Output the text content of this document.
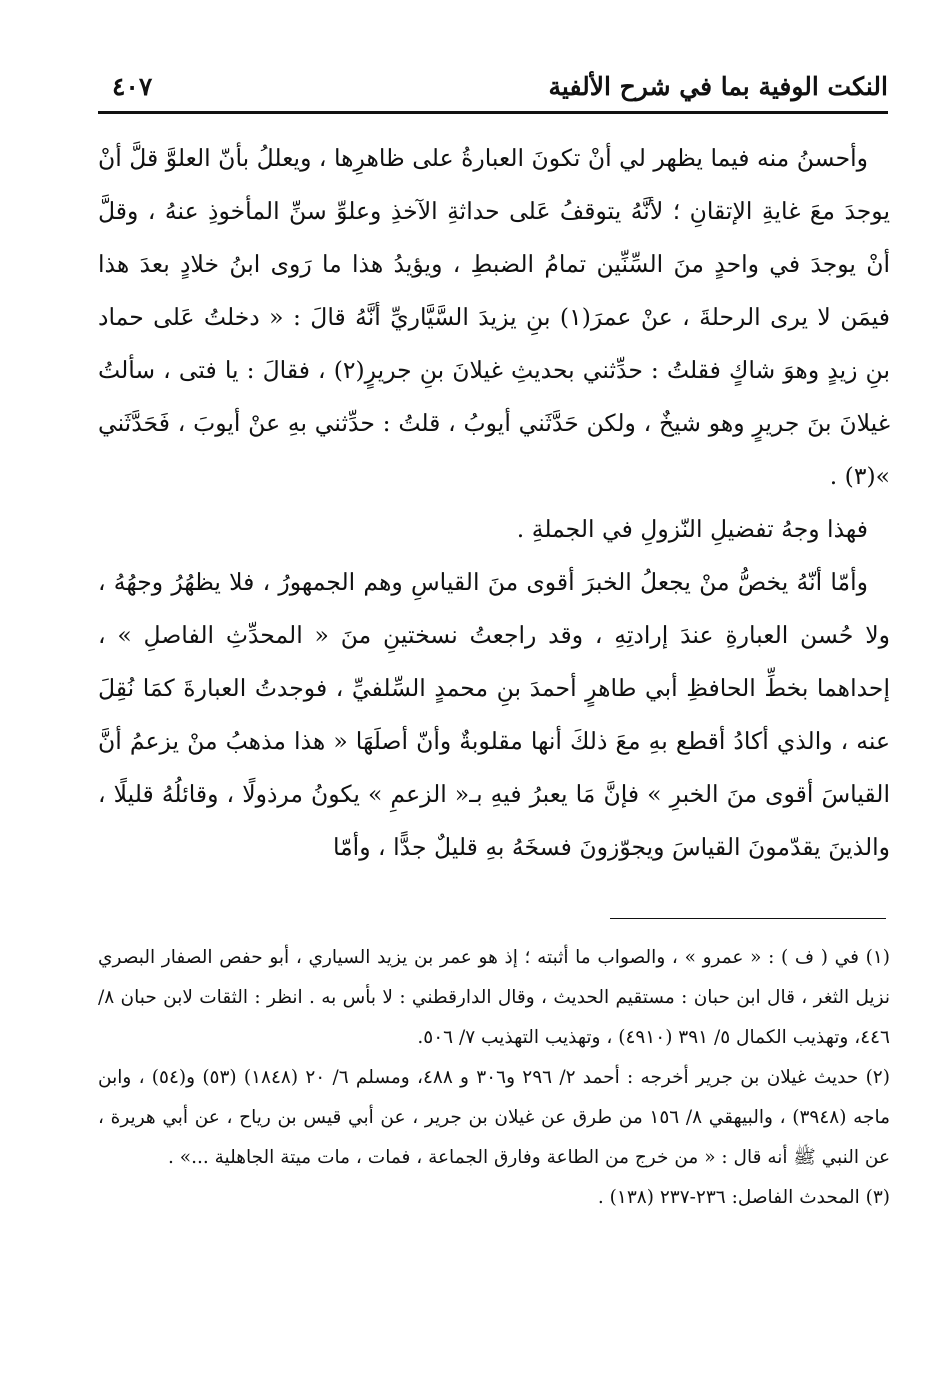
٤٠٧	النكت الوفية بما في شرح الألفية

وأحسنُ منه فيما يظهر لي أنْ تكونَ العبارةُ على ظاهرِها ، ويعللُ بأنّ العلوَّ قلَّ أنْ يوجدَ معَ غايةِ الإتقانِ ؛ لأنَّهُ يتوقفُ عَلى حداثةِ الآخذِ وعلوِّ سنِّ المأخوذِ عنهُ ، وقلَّ أنْ يوجدَ في واحدٍ منَ السِّنِّين تمامُ الضبطِ ، ويؤيدُ هذا ما رَوى ابنُ خلادٍ بعدَ هذا فيمَن لا يرى الرحلةَ ، عنْ عمرَ(١) بنِ يزيدَ السَّيَّاريِّ أنَّهُ قالَ : « دخلتُ عَلى حماد بنِ زيدٍ وهوَ شاكٍ فقلتُ : حدِّثني بحديثِ غيلانَ بنِ جريرٍ(٢) ، فقالَ : يا فتى ، سألتُ غيلانَ بنَ جريرٍ وهو شيخٌ ، ولكن حَدَّثَني أيوبُ ، قلتُ : حدِّثني بهِ عنْ أيوبَ ، فَحَدَّثَني »(٣) .

فهذا وجهُ تفضيلِ النّزولِ في الجملةِ .

وأمّا أنّهُ يخصُّ منْ يجعلُ الخبرَ أقوى منَ القياسِ وهم الجمهورُ ، فلا يظهُرُ وجهُهُ ، ولا حُسن العبارةِ عندَ إرادتِهِ ، وقد راجعتُ نسختينِ منَ « المحدِّثِ الفاصلِ » ، إحداهما بخطِّ الحافظِ أبي طاهرٍ أحمدَ بنِ محمدٍ السِّلفيِّ ، فوجدتُ العبارةَ كمَا نُقِلَ عنه ، والذي أكادُ أقطع بهِ معَ ذلكَ أنها مقلوبةٌ وأنّ أصلَهَا « هذا مذهبُ منْ يزعمُ أنَّ القياسَ أقوى منَ الخبرِ » فإنَّ مَا يعبرُ فيهِ بـ« الزعمِ » يكونُ مرذولًا ، وقائلُهُ قليلًا ، والذينَ يقدّمونَ القياسَ ويجوّزونَ فسخَهُ بهِ قليلٌ جدًّا ، وأمّا

(١) في ( ف ) : « عمرو » ، والصواب ما أثبته ؛ إذ هو عمر بن يزيد السياري ، أبو حفص الصفار البصري نزيل الثغر ، قال ابن حبان : مستقيم الحديث ، وقال الدارقطني : لا بأس به . انظر : الثقات لابن حبان ٨/ ٤٤٦، وتهذيب الكمال ٥/ ٣٩١ (٤٩١٠) ، وتهذيب التهذيب ٧/ ٥٠٦.

(٢) حديث غيلان بن جرير أخرجه : أحمد ٢/ ٢٩٦ و٣٠٦ و ٤٨٨، ومسلم ٦/ ٢٠ (١٨٤٨) (٥٣) و(٥٤) ، وابن ماجه (٣٩٤٨) ، والبيهقي ٨/ ١٥٦ من طرق عن غيلان بن جرير ، عن أبي قيس بن رياح ، عن أبي هريرة ، عن النبي ﷺ أنه قال : « من خرج من الطاعة وفارق الجماعة ، فمات ، مات ميتة الجاهلية ...» .

(٣) المحدث الفاصل: ٢٣٦-٢٣٧ (١٣٨) .
